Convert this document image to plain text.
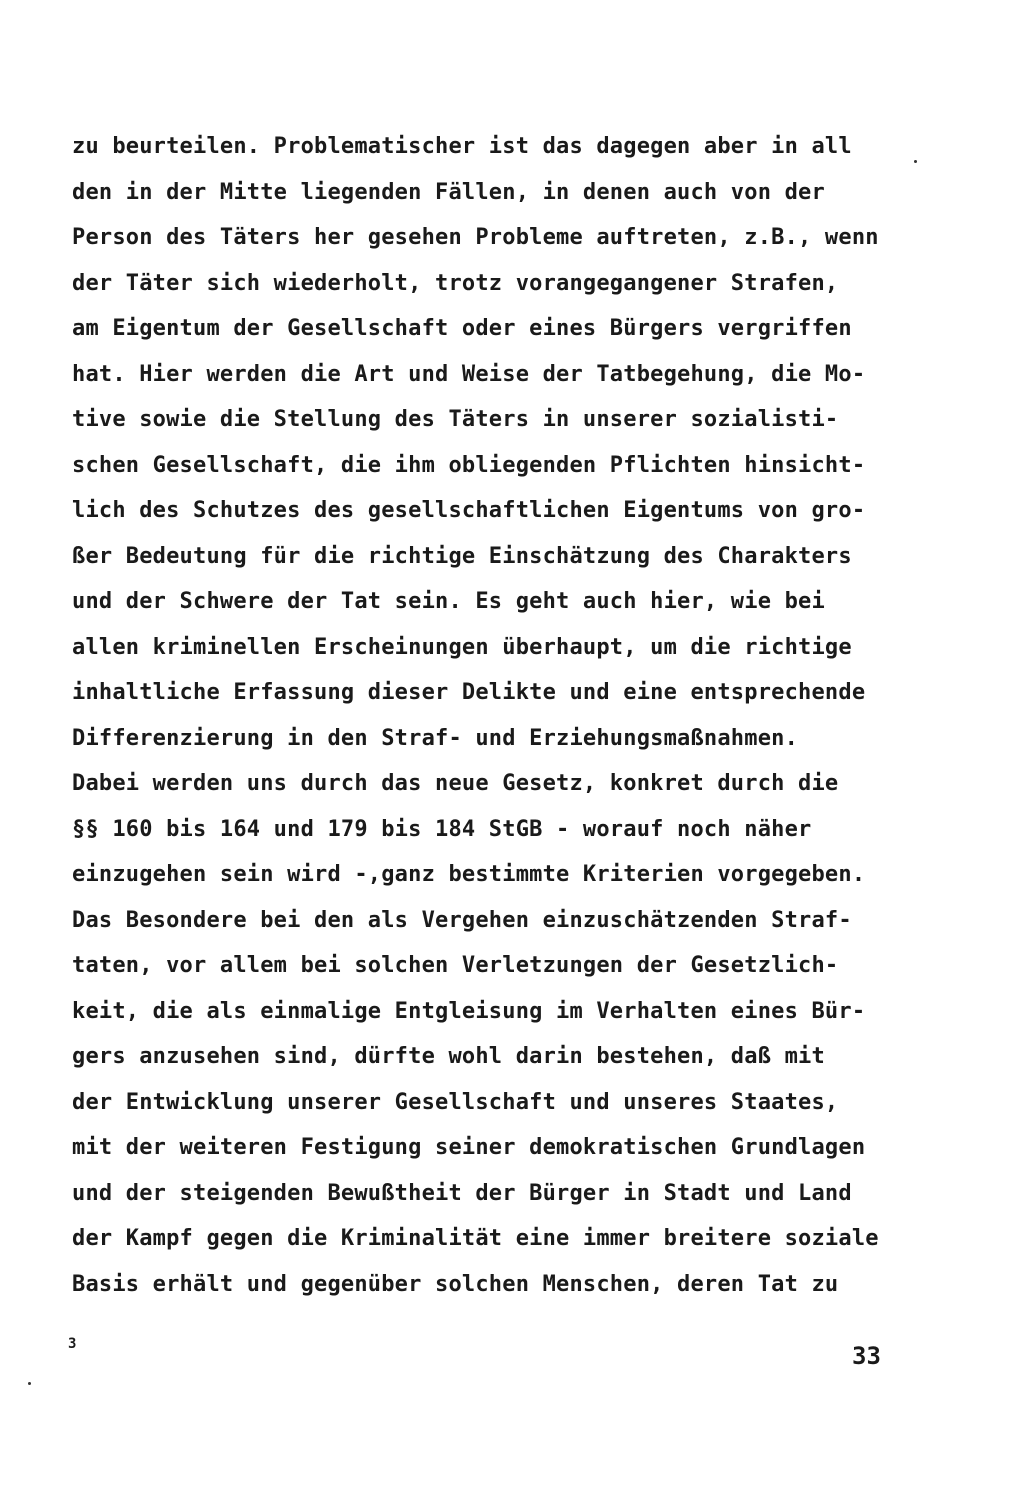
zu beurteilen. Problematischer ist das dagegen aber in all
den in der Mitte liegenden Fällen, in denen auch von der
Person des Täters her gesehen Probleme auftreten, z.B., wenn
der Täter sich wiederholt, trotz vorangegangener Strafen,
am Eigentum der Gesellschaft oder eines Bürgers vergriffen
hat. Hier werden die Art und Weise der Tatbegehung, die Mo-
tive sowie die Stellung des Täters in unserer sozialisti-
schen Gesellschaft, die ihm obliegenden Pflichten hinsicht-
lich des Schutzes des gesellschaftlichen Eigentums von gro-
ßer Bedeutung für die richtige Einschätzung des Charakters
und der Schwere der Tat sein. Es geht auch hier, wie bei
allen kriminellen Erscheinungen überhaupt, um die richtige
inhaltliche Erfassung dieser Delikte und eine entsprechende
Differenzierung in den Straf- und Erziehungsmaßnahmen.
Dabei werden uns durch das neue Gesetz, konkret durch die
§§ 160 bis 164 und 179 bis 184 StGB - worauf noch näher
einzugehen sein wird -,ganz bestimmte Kriterien vorgegeben.
Das Besondere bei den als Vergehen einzuschätzenden Straf-
taten, vor allem bei solchen Verletzungen der Gesetzlich-
keit, die als einmalige Entgleisung im Verhalten eines Bür-
gers anzusehen sind, dürfte wohl darin bestehen, daß mit
der Entwicklung unserer Gesellschaft und unseres Staates,
mit der weiteren Festigung seiner demokratischen Grundlagen
und der steigenden Bewußtheit der Bürger in Stadt und Land
der Kampf gegen die Kriminalität eine immer breitere soziale
Basis erhält und gegenüber solchen Menschen, deren Tat zu
3	33
